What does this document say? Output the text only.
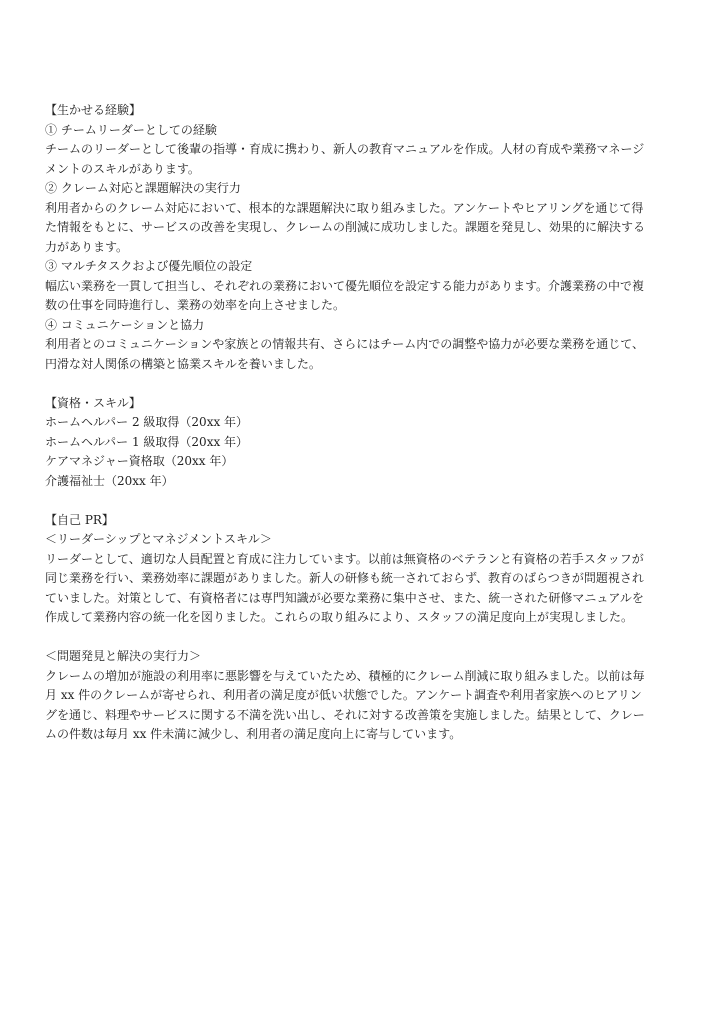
【生かせる経験】
① チームリーダーとしての経験
チームのリーダーとして後輩の指導・育成に携わり、新人の教育マニュアルを作成。人材の育成や業務マネージ
メントのスキルがあります。
② クレーム対応と課題解決の実行力
利用者からのクレーム対応において、根本的な課題解決に取り組みました。アンケートやヒアリングを通じて得
た情報をもとに、サービスの改善を実現し、クレームの削減に成功しました。課題を発見し、効果的に解決する
力があります。
③ マルチタスクおよび優先順位の設定
幅広い業務を一貫して担当し、それぞれの業務において優先順位を設定する能力があります。介護業務の中で複
数の仕事を同時進行し、業務の効率を向上させました。
④ コミュニケーションと協力
利用者とのコミュニケーションや家族との情報共有、さらにはチーム内での調整や協力が必要な業務を通じて、
円滑な対人関係の構築と協業スキルを養いました。
【資格・スキル】
ホームヘルパー 2 級取得（20xx 年）
ホームヘルパー 1 級取得（20xx 年）
ケアマネジャー資格取（20xx 年）
介護福祉士（20xx 年）
【自己 PR】
＜リーダーシップとマネジメントスキル＞
リーダーとして、適切な人員配置と育成に注力しています。以前は無資格のベテランと有資格の若手スタッフが
同じ業務を行い、業務効率に課題がありました。新人の研修も統一されておらず、教育のばらつきが問題視され
ていました。対策として、有資格者には専門知識が必要な業務に集中させ、また、統一された研修マニュアルを
作成して業務内容の統一化を図りました。これらの取り組みにより、スタッフの満足度向上が実現しました。
＜問題発見と解決の実行力＞
クレームの増加が施設の利用率に悪影響を与えていたため、積極的にクレーム削減に取り組みました。以前は毎
月 xx 件のクレームが寄せられ、利用者の満足度が低い状態でした。アンケート調査や利用者家族へのヒアリン
グを通じ、料理やサービスに関する不満を洗い出し、それに対する改善策を実施しました。結果として、クレー
ムの件数は毎月 xx 件未満に減少し、利用者の満足度向上に寄与しています。
